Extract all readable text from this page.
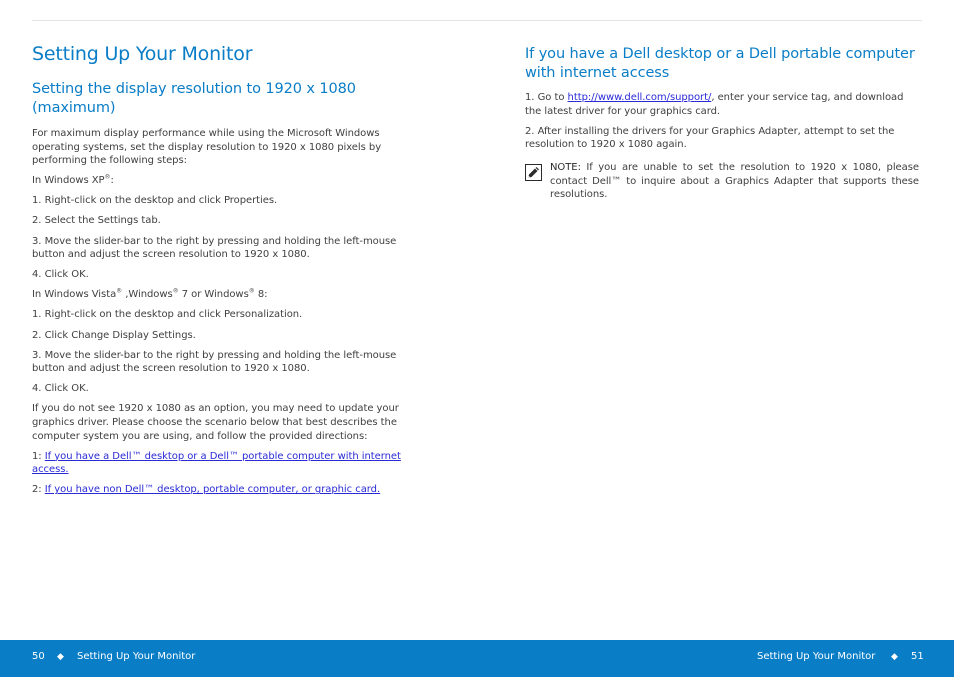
Setting Up Your Monitor
Setting the display resolution to 1920 x 1080 (maximum)

For maximum display performance while using the Microsoft Windows operating systems, set the display resolution to 1920 x 1080 pixels by performing the following steps:

In Windows XP®:

1. Right-click on the desktop and click Properties.

2. Select the Settings tab.

3. Move the slider-bar to the right by pressing and holding the left-mouse button and adjust the screen resolution to 1920 x 1080.

4. Click OK.

In Windows Vista® ,Windows® 7 or Windows® 8:

1. Right-click on the desktop and click Personalization.

2. Click Change Display Settings.

3. Move the slider-bar to the right by pressing and holding the left-mouse button and adjust the screen resolution to 1920 x 1080.

4. Click OK.

If you do not see 1920 x 1080 as an option, you may need to update your graphics driver. Please choose the scenario below that best describes the computer system you are using, and follow the provided directions:

1: If you have a Dell™ desktop or a Dell™ portable computer with internet access.

2: If you have non Dell™ desktop, portable computer, or graphic card.

If you have a Dell desktop or a Dell portable computer with internet access

1. Go to http://www.dell.com/support/, enter your service tag, and download the latest driver for your graphics card.

2. After installing the drivers for your Graphics Adapter, attempt to set the resolution to 1920 x 1080 again.

NOTE: If you are unable to set the resolution to 1920 x 1080, please contact Dell™ to inquire about a Graphics Adapter that supports these resolutions.
50 ◆ Setting Up Your Monitor	Setting Up Your Monitor ◆ 51
